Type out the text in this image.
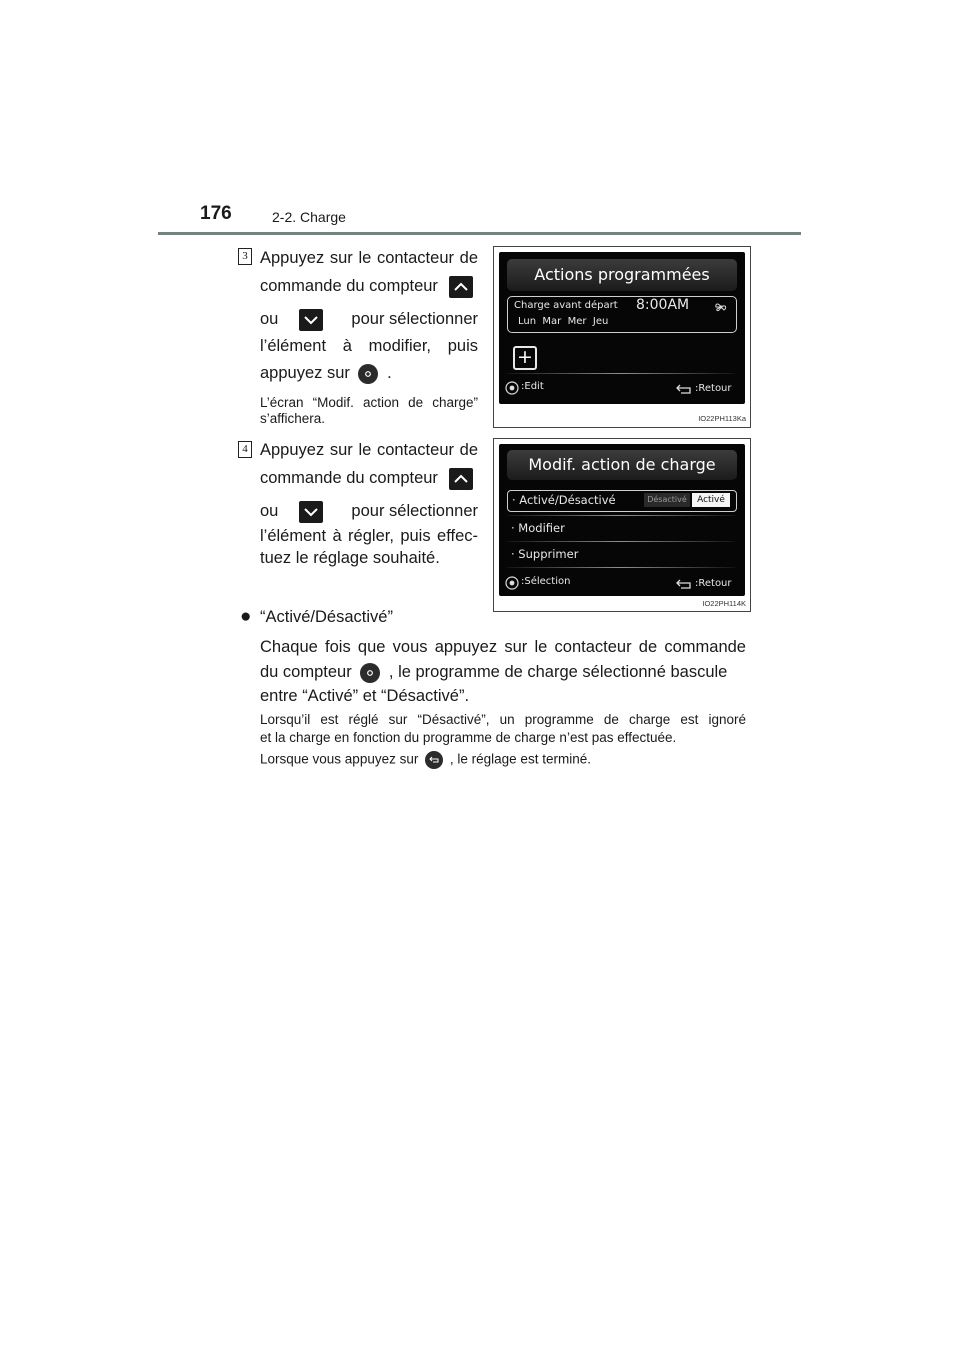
176	2-2. Charge
3 Appuyez sur le contacteur de
commande du compteur
ou	pour sélectionner
l’élément à modifier, puis
appuyez sur .
L’écran “Modif. action de charge” s’affichera.
Actions programmées
Charge avant départ 8:00AM
Lun  Mar  Mer  Jeu
+
:Edit	:Retour
IO22PH113Ka
4 Appuyez sur le contacteur de
commande du compteur
ou	pour sélectionner
l’élément à régler, puis effec-
tuez le réglage souhaité.
Modif. action de charge
· Activé/Désactivé	Désactivé	Activé
· Modifier
· Supprimer
:Sélection	:Retour
IO22PH114K
● “Activé/Désactivé”
Chaque fois que vous appuyez sur le contacteur de commande
du compteur , le programme de charge sélectionné bascule
entre “Activé” et “Désactivé”.
Lorsqu’il est réglé sur “Désactivé”, un programme de charge est ignoré
et la charge en fonction du programme de charge n’est pas effectuée.
Lorsque vous appuyez sur , le réglage est terminé.
